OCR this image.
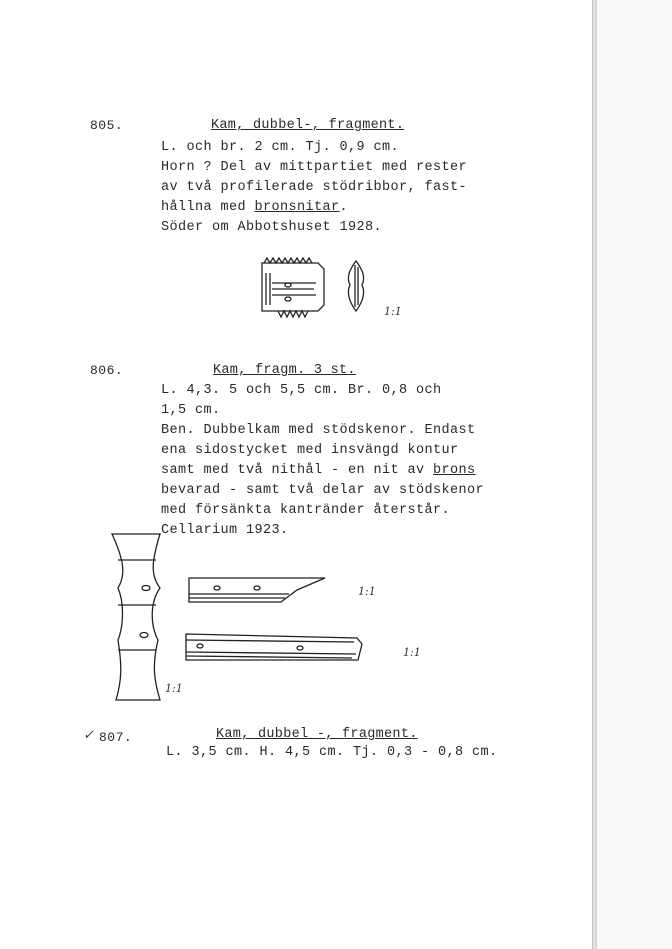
805.	Kam, dubbel-, fragment.
L. och br. 2 cm. Tj. 0,9 cm.
Horn ? Del av mittpartiet med rester
av två profilerade stödribbor, fast-
hållna med bronsnitar.
Söder om Abbotshuset 1928.
1:1
806.	Kam, fragm. 3 st.
L. 4,3. 5 och 5,5 cm. Br. 0,8 och
1,5 cm.
Ben. Dubbelkam med stödskenor. Endast
ena sidostycket med insvängd kontur
samt med två nithål - en nit av brons
bevarad - samt två delar av stödskenor
med försänkta kantränder återstår.
Cellarium 1923.
1:1
1:1
1:1
✓ 807.	Kam, dubbel -, fragment.
L. 3,5 cm. H. 4,5 cm. Tj. 0,3 - 0,8 cm.
